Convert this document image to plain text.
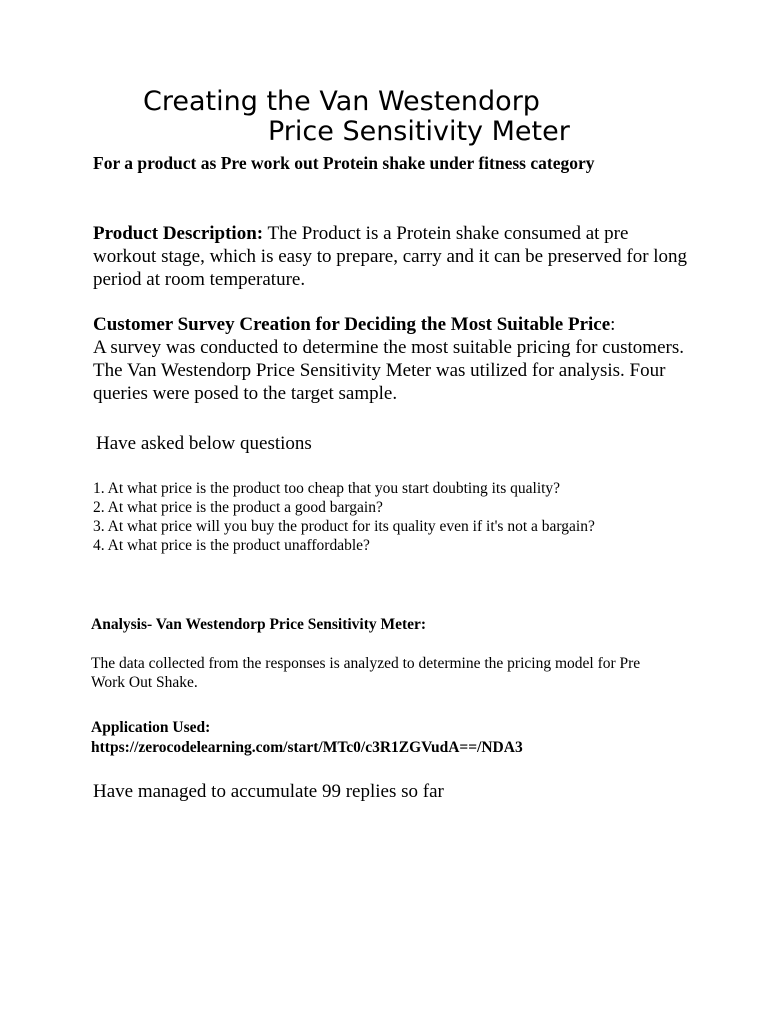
Creating the Van Westendorp
Price Sensitivity Meter
For a product as Pre work out Protein shake under fitness category
Product Description: The Product is a Protein shake consumed at pre workout stage, which is easy to prepare, carry and it can be preserved for long period at room temperature.
Customer Survey Creation for Deciding the Most Suitable Price:
A survey was conducted to determine the most suitable pricing for customers. The Van Westendorp Price Sensitivity Meter was utilized for analysis. Four queries were posed to the target sample.
Have asked below questions
1. At what price is the product too cheap that you start doubting its quality?
2. At what price is the product a good bargain?
3. At what price will you buy the product for its quality even if it's not a bargain?
4. At what price is the product unaffordable?
Analysis- Van Westendorp Price Sensitivity Meter:
The data collected from the responses is analyzed to determine the pricing model for Pre Work Out Shake.
Application Used:
https://zerocodelearning.com/start/MTc0/c3R1ZGVudA==/NDA3
Have managed to accumulate 99 replies so far
